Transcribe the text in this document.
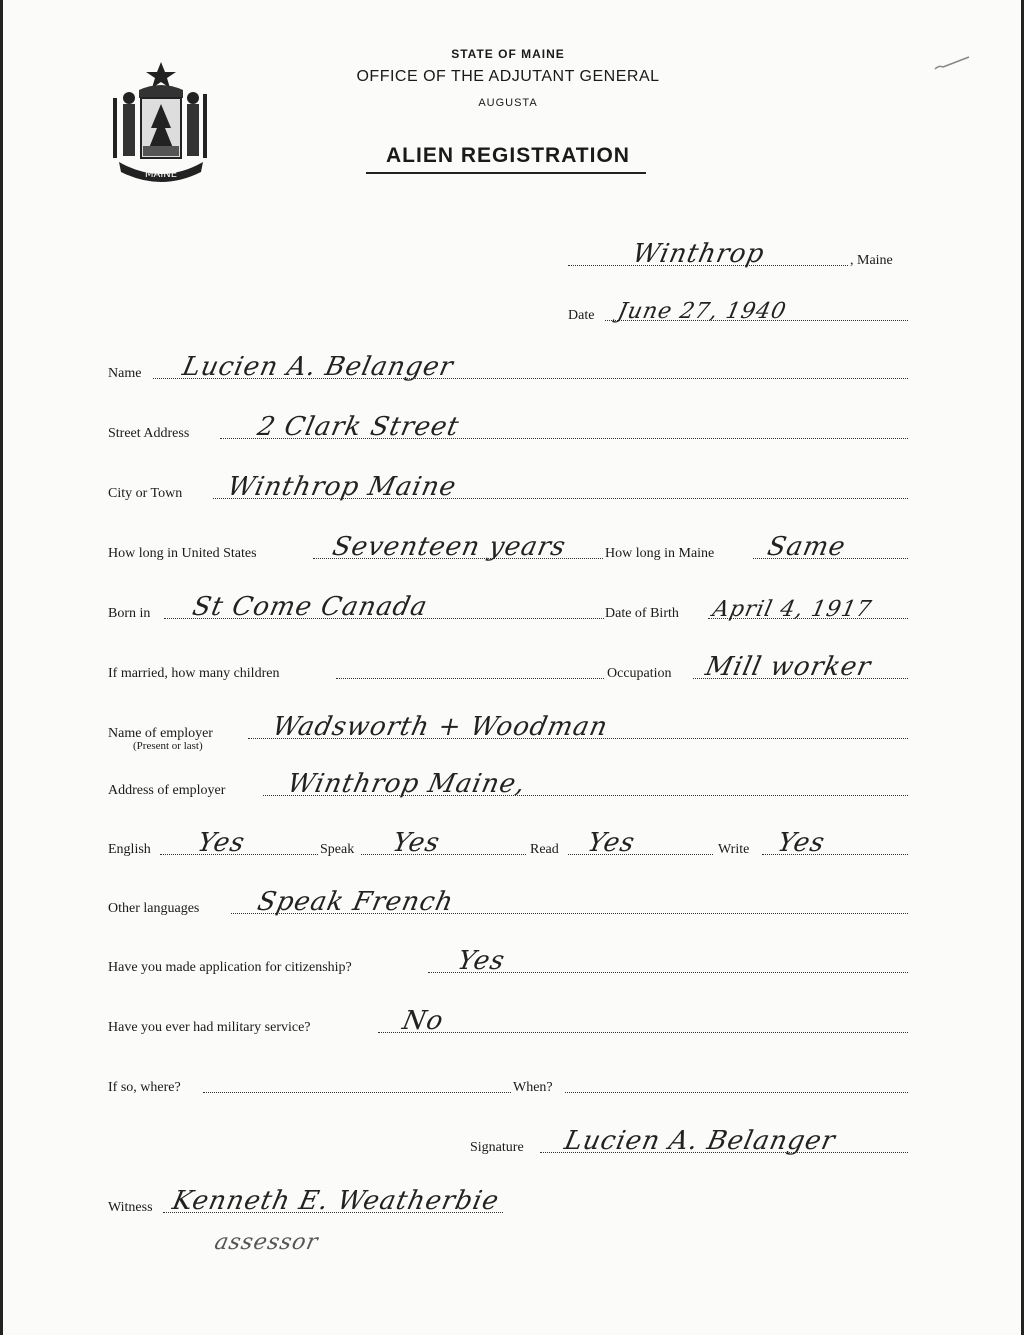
MAINE
STATE OF MAINE
OFFICE OF THE ADJUTANT GENERAL
AUGUSTA
ALIEN REGISTRATION
Winthrop	, Maine
Date June 27, 1940
Name Lucien A. Belanger
Street Address	2 Clark Street
City or Town Winthrop Maine
How long in United States	Seventeen years	How long in Maine Same
Born in St Come Canada	Date of Birth April 4, 1917
If married, how many children	Occupation Mill worker
Name of employer Wadsworth + Woodman
(Present or last)
Address of employer Winthrop Maine,
English Yes	Speak Yes	Read Yes	Write Yes
Other languages Speak French
Have you made application for citizenship?	Yes
Have you ever had military service?	No
If so, where?	When?
Signature Lucien A. Belanger
Witness Kenneth E. Weatherbie
assessor
